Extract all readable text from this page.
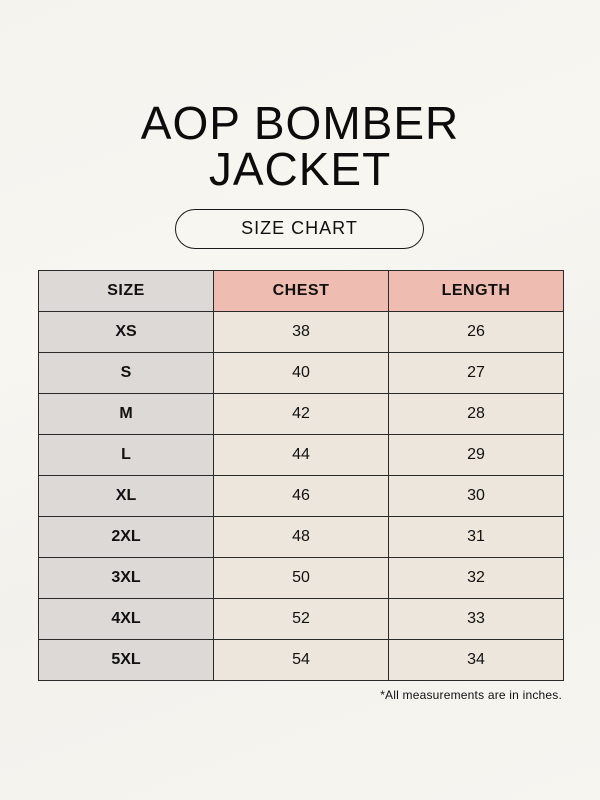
AOP BOMBER
JACKET
SIZE CHART
SIZE	CHEST	LENGTH
XS	38	26
S	40	27
M	42	28
L	44	29
XL	46	30
2XL	48	31
3XL	50	32
4XL	52	33
5XL	54	34
*All measurements are in inches.
